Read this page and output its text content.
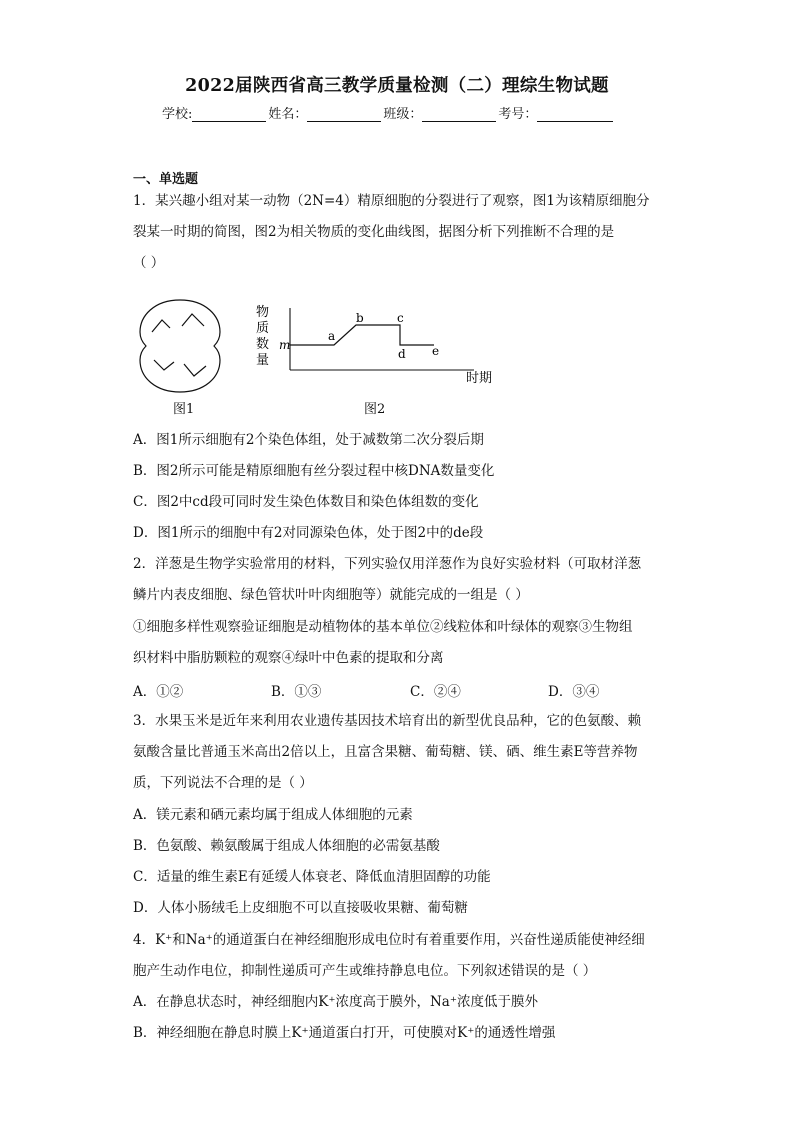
2022届陕西省高三教学质量检测（二）理综生物试题
学校:	姓名：	班级：	考号：
一、单选题
1．某兴趣小组对某一动物（2N=4）精原细胞的分裂进行了观察，图1为该精原细胞分
裂某一时期的简图，图2为相关物质的变化曲线图，据图分析下列推断不合理的是
（ ）
图1
物
质
数
量
m
a
b	c
d e
时期
图2
A．图1所示细胞有2个染色体组，处于减数第二次分裂后期
B．图2所示可能是精原细胞有丝分裂过程中核DNA数量变化
C．图2中cd段可同时发生染色体数目和染色体组数的变化
D．图1所示的细胞中有2对同源染色体，处于图2中的de段
2．洋葱是生物学实验常用的材料，下列实验仅用洋葱作为良好实验材料（可取材洋葱
鳞片内表皮细胞、绿色管状叶叶肉细胞等）就能完成的一组是（ ）
①细胞多样性观察验证细胞是动植物体的基本单位②线粒体和叶绿体的观察③生物组
织材料中脂肪颗粒的观察④绿叶中色素的提取和分离
A．①②	B．①③	C．②④	D．③④
3．水果玉米是近年来利用农业遗传基因技术培育出的新型优良品种，它的色氨酸、赖
氨酸含量比普通玉米高出2倍以上，且富含果糖、葡萄糖、镁、硒、维生素E等营养物
质，下列说法不合理的是（ ）
A．镁元素和硒元素均属于组成人体细胞的元素
B．色氨酸、赖氨酸属于组成人体细胞的必需氨基酸
C．适量的维生素E有延缓人体衰老、降低血清胆固醇的功能
D．人体小肠绒毛上皮细胞不可以直接吸收果糖、葡萄糖
4．K⁺和Na⁺的通道蛋白在神经细胞形成电位时有着重要作用，兴奋性递质能使神经细
胞产生动作电位，抑制性递质可产生或维持静息电位。下列叙述错误的是（ ）
A．在静息状态时，神经细胞内K⁺浓度高于膜外，Na⁺浓度低于膜外
B．神经细胞在静息时膜上K⁺通道蛋白打开，可使膜对K⁺的通透性增强
